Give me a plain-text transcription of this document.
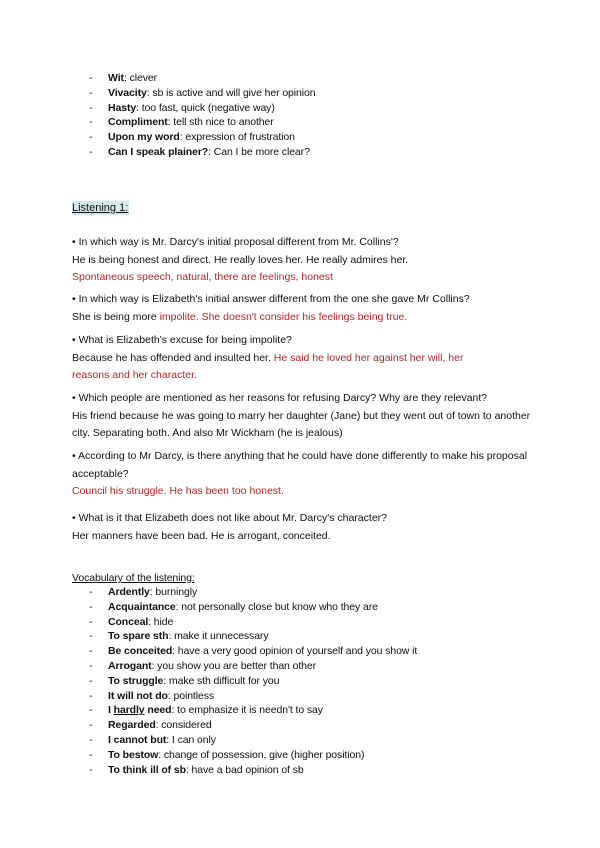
- Wit: clever
- Vivacity: sb is active and will give her opinion
- Hasty: too fast, quick (negative way)
- Compliment: tell sth nice to another
- Upon my word: expression of frustration
- Can I speak plainer?: Can I be more clear?
Listening 1:

• In which way is Mr. Darcy's initial proposal different from Mr. Collins'?

He is being honest and direct. He really loves her. He really admires her.

Spontaneous speech, natural, there are feelings, honest

• In which way is Elizabeth's initial answer different from the one she gave Mr Collins?

She is being more impolite. She doesn't consider his feelings being true.

• What is Elizabeth's excuse for being impolite?

Because he has offended and insulted her. He said he loved her against her will, her reasons and her character.

• Which people are mentioned as her reasons for refusing Darcy? Why are they relevant?

His friend because he was going to marry her daughter (Jane) but they went out of town to another city. Separating both. And also Mr Wickham (he is jealous)

• According to Mr Darcy, is there anything that he could have done differently to make his proposal acceptable?

Council his struggle. He has been too honest.

• What is it that Elizabeth does not like about Mr. Darcy's character?

Her manners have been bad. He is arrogant, conceited.

Vocabulary of the listening:
- Ardently: burningly
- Acquaintance: not personally close but know who they are
- Conceal: hide
- To spare sth: make it unnecessary
- Be conceited: have a very good opinion of yourself and you show it
- Arrogant: you show you are better than other
- To struggle: make sth difficult for you
- It will not do: pointless
- I hardly need: to emphasize it is needn't to say
- Regarded: considered
- I cannot but: I can only
- To bestow: change of possession, give (higher position)
- To think ill of sb: have a bad opinion of sb
